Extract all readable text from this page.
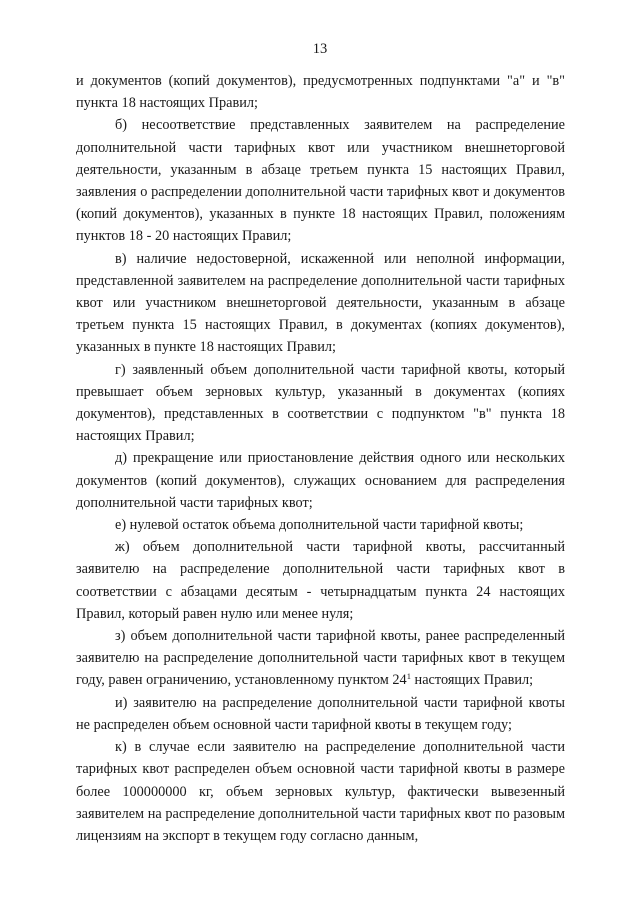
13

и документов (копий документов), предусмотренных подпунктами "а" и "в" пункта 18 настоящих Правил;

б) несоответствие представленных заявителем на распределение дополнительной части тарифных квот или участником внешнеторговой деятельности, указанным в абзаце третьем пункта 15 настоящих Правил, заявления о распределении дополнительной части тарифных квот и документов (копий документов), указанных в пункте 18 настоящих Правил, положениям пунктов 18 - 20 настоящих Правил;

в) наличие недостоверной, искаженной или неполной информации, представленной заявителем на распределение дополнительной части тарифных квот или участником внешнеторговой деятельности, указанным в абзаце третьем пункта 15 настоящих Правил, в документах (копиях документов), указанных в пункте 18 настоящих Правил;

г) заявленный объем дополнительной части тарифной квоты, который превышает объем зерновых культур, указанный в документах (копиях документов), представленных в соответствии с подпунктом "в" пункта 18 настоящих Правил;

д) прекращение или приостановление действия одного или нескольких документов (копий документов), служащих основанием для распределения дополнительной части тарифных квот;

е) нулевой остаток объема дополнительной части тарифной квоты;

ж) объем дополнительной части тарифной квоты, рассчитанный заявителю на распределение дополнительной части тарифных квот в соответствии с абзацами десятым - четырнадцатым пункта 24 настоящих Правил, который равен нулю или менее нуля;

з) объем дополнительной части тарифной квоты, ранее распределенный заявителю на распределение дополнительной части тарифных квот в текущем году, равен ограничению, установленному пунктом 24$^1$ настоящих Правил;

и) заявителю на распределение дополнительной части тарифной квоты не распределен объем основной части тарифной квоты в текущем году;

к) в случае если заявителю на распределение дополнительной части тарифных квот распределен объем основной части тарифной квоты в размере более 100000000 кг, объем зерновых культур, фактически вывезенный заявителем на распределение дополнительной части тарифных квот по разовым лицензиям на экспорт в текущем году согласно данным,
